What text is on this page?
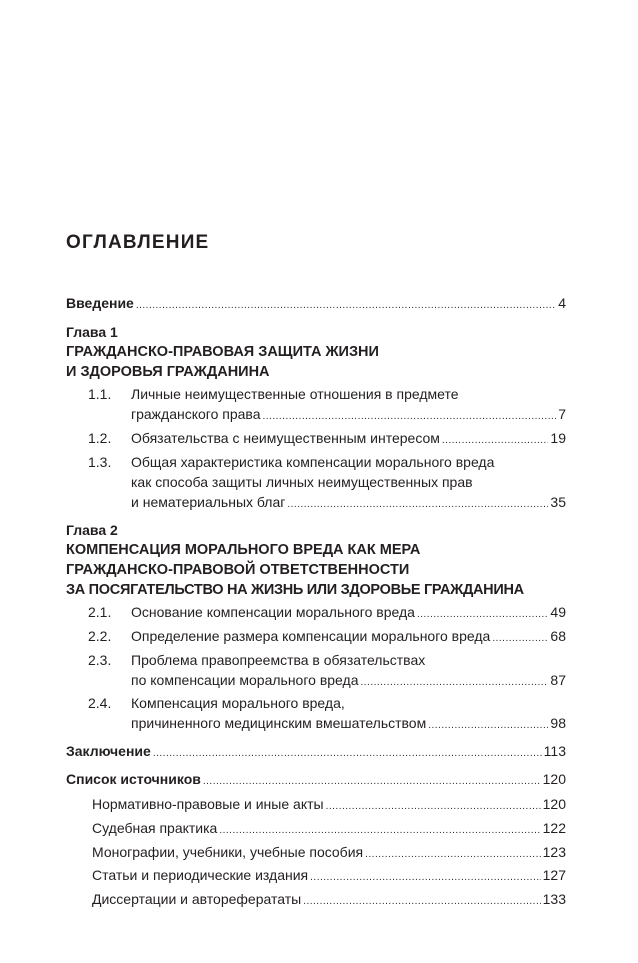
ОГЛАВЛЕНИЕ
Введение .....	4
Глава 1
ГРАЖДАНСКО-ПРАВОВАЯ ЗАЩИТА ЖИЗНИ
И ЗДОРОВЬЯ ГРАЖДАНИНА
1.1.	Личные неимущественные отношения в предмете
гражданского права .....	7
1.2. Обязательства с неимущественным интересом .....	19
1.3.	Общая характеристика компенсации морального вреда
как способа защиты личных неимущественных прав
и нематериальных благ .....	35
Глава 2
КОМПЕНСАЦИЯ МОРАЛЬНОГО ВРЕДА КАК МЕРА
ГРАЖДАНСКО-ПРАВОВОЙ ОТВЕТСТВЕННОСТИ
ЗА ПОСЯГАТЕЛЬСТВО НА ЖИЗНЬ ИЛИ ЗДОРОВЬЕ ГРАЖДАНИНА
2.1. Основание компенсации морального вреда .....	49
2.2. Определение размера компенсации морального вреда .....	68
2.3.	Проблема правопреемства в обязательствах
по компенсации морального вреда .....	87
2.4.	Компенсация морального вреда,
причиненного медицинским вмешательством .....	98
Заключение .....	113
Список источников .....	120
Нормативно-правовые и иные акты .....	120
Судебная практика .....	122
Монографии, учебники, учебные пособия .....	123
Статьи и периодические издания .....	127
Диссертации и автореферататы .....	133
